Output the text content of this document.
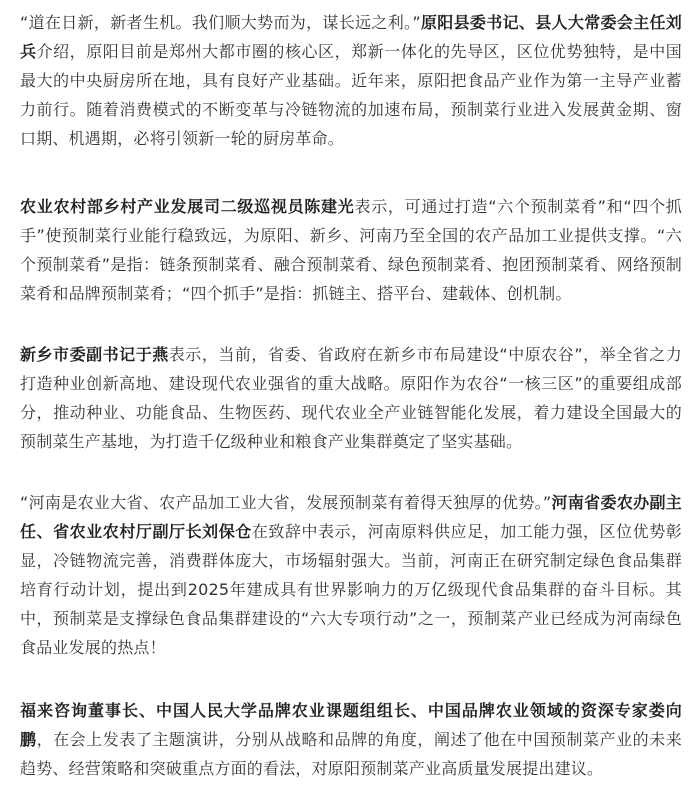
“道在日新，新者生机。我们顺大势而为，谋长远之利。”原阳县委书记、县人大常委会主任刘兵介绍，原阳目前是郑州大都市圈的核心区，郑新一体化的先导区，区位优势独特，是中国最大的中央厨房所在地，具有良好产业基础。近年来，原阳把食品产业作为第一主导产业蓄力前行。随着消费模式的不断变革与冷链物流的加速布局，预制菜行业进入发展黄金期、窗口期、机遇期，必将引领新一轮的厨房革命。

农业农村部乡村产业发展司二级巡视员陈建光表示，可通过打造“六个预制菜肴”和“四个抓手”使预制菜行业能行稳致远，为原阳、新乡、河南乃至全国的农产品加工业提供支撑。“六个预制菜肴”是指：链条预制菜肴、融合预制菜肴、绿色预制菜肴、抱团预制菜肴、网络预制菜肴和品牌预制菜肴；“四个抓手”是指：抓链主、搭平台、建载体、创机制。

新乡市委副书记于燕表示，当前，省委、省政府在新乡市布局建设“中原农谷”，举全省之力打造种业创新高地、建设现代农业强省的重大战略。原阳作为农谷“一核三区”的重要组成部分，推动种业、功能食品、生物医药、现代农业全产业链智能化发展，着力建设全国最大的预制菜生产基地，为打造千亿级种业和粮食产业集群奠定了坚实基础。

“河南是农业大省、农产品加工业大省，发展预制菜有着得天独厚的优势。”河南省委农办副主任、省农业农村厅副厅长刘保仓在致辞中表示，河南原料供应足，加工能力强，区位优势彰显，冷链物流完善，消费群体庞大，市场辐射强大。当前，河南正在研究制定绿色食品集群培育行动计划，提出到2025年建成具有世界影响力的万亿级现代食品集群的奋斗目标。其中，预制菜是支撑绿色食品集群建设的“六大专项行动”之一，预制菜产业已经成为河南绿色食品业发展的热点！

福来咨询董事长、中国人民大学品牌农业课题组组长、中国品牌农业领域的资深专家娄向鹏，在会上发表了主题演讲，分别从战略和品牌的角度，阐述了他在中国预制菜产业的未来趋势、经营策略和突破重点方面的看法，对原阳预制菜产业高质量发展提出建议。
